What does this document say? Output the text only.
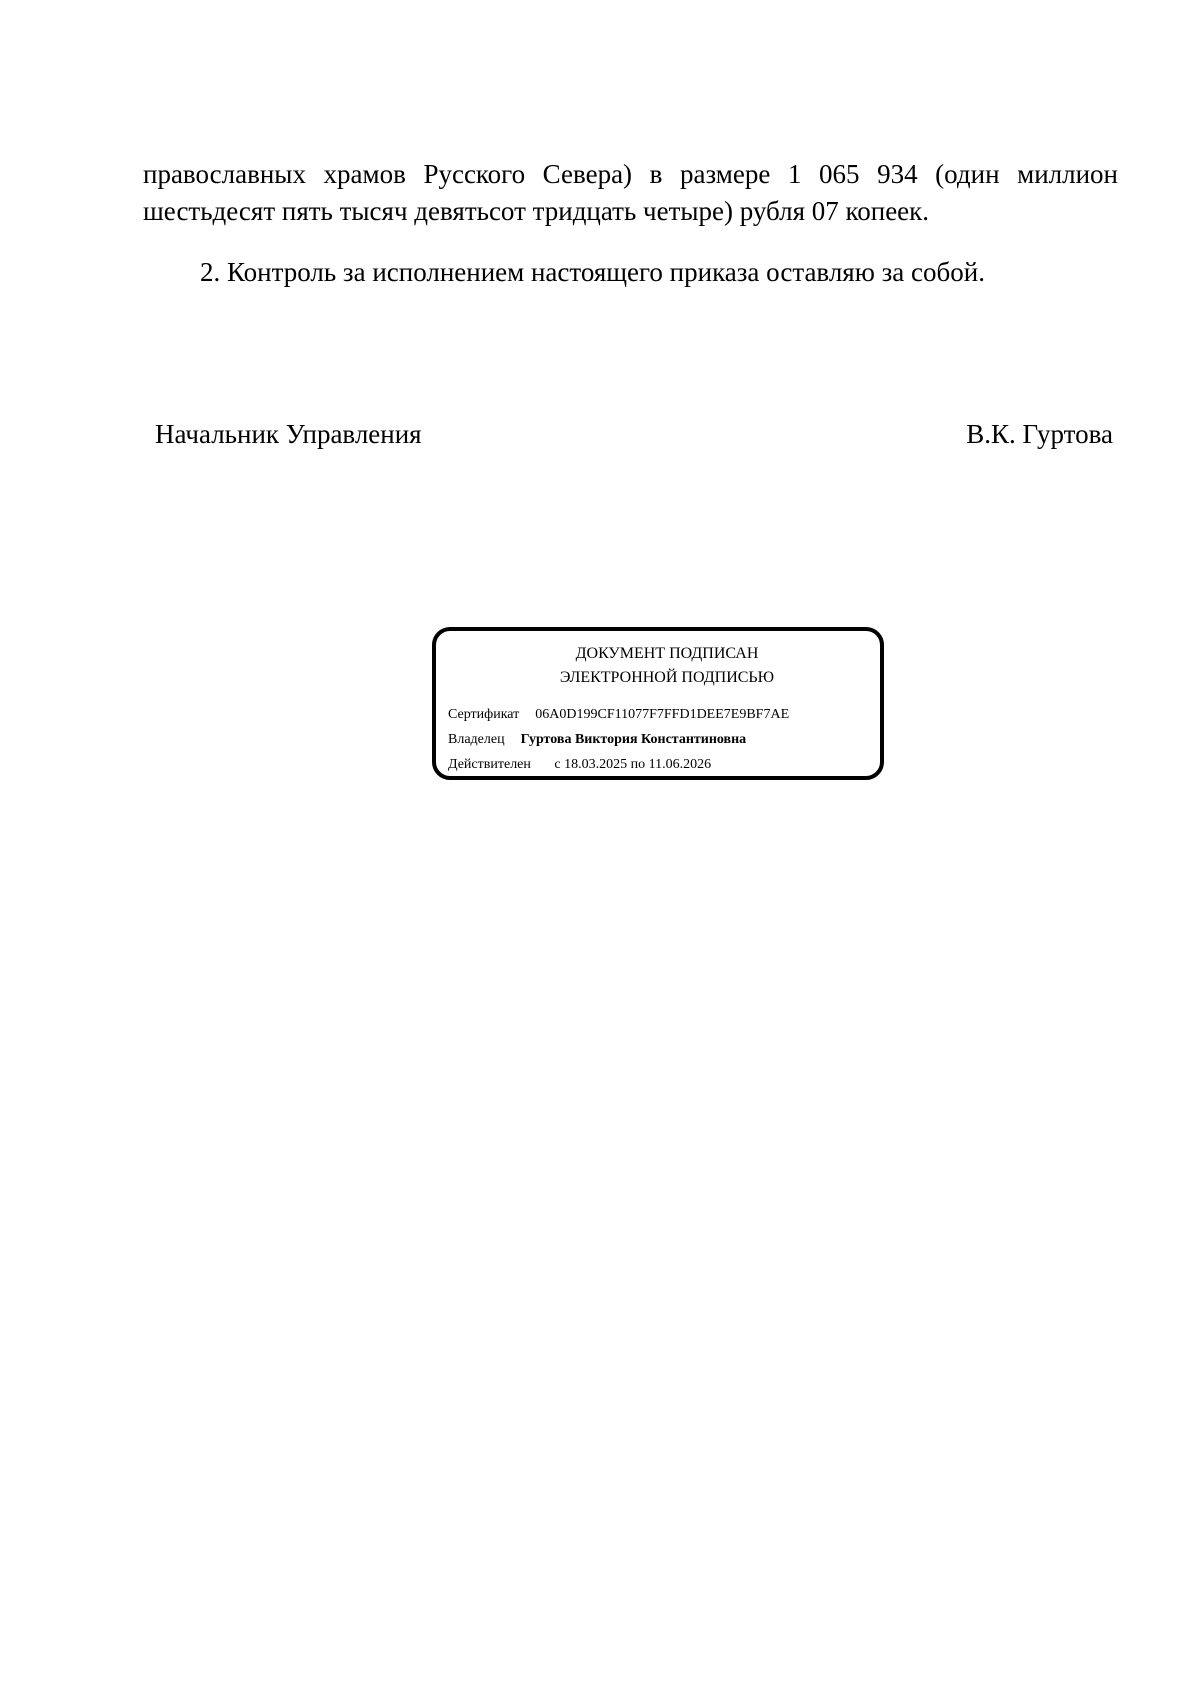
православных храмов Русского Севера) в размере 1 065 934 (один миллион
шестьдесят пять тысяч девятьсот тридцать четыре) рубля 07 копеек.
2. Контроль за исполнением настоящего приказа оставляю за собой.
Начальник Управления	В.К. Гуртова
ДОКУМЕНТ ПОДПИСАН
ЭЛЕКТРОННОЙ ПОДПИСЬЮ
Сертификат 06A0D199CF11077F7FFD1DEE7E9BF7AE
Владелец Гуртова Виктория Константиновна
Действителен с 18.03.2025 по 11.06.2026
